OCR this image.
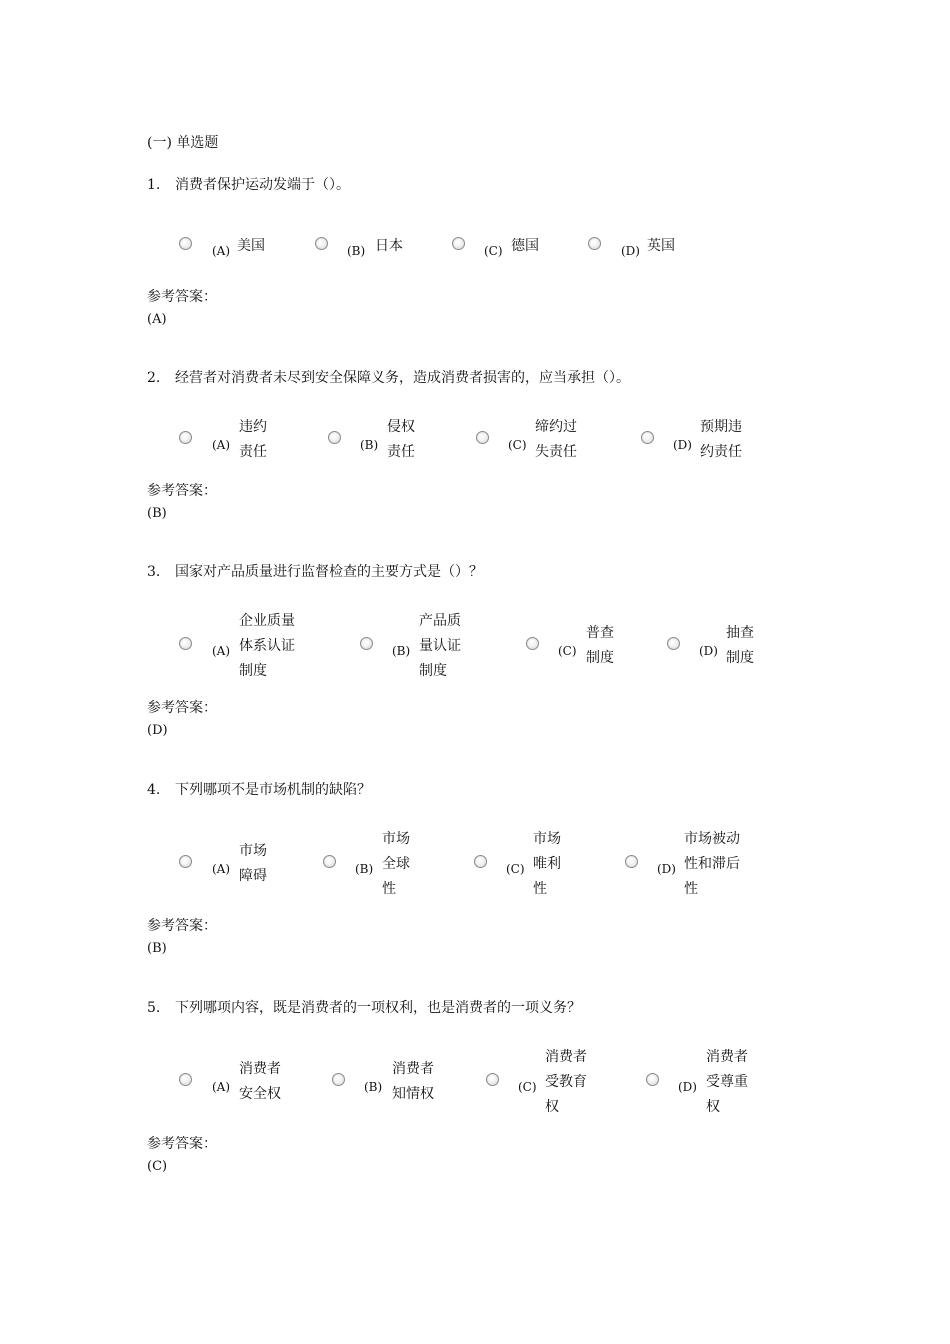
(一) 单选题
1. 消费者保护运动发端于（）。
(A) 美国	(B) 日本	(C) 德国	(D) 英国
参考答案：
(A)
2. 经营者对消费者未尽到安全保障义务，造成消费者损害的，应当承担（）。
(A)
违约
责任	(B)
侵权
责任	(C)
缔约过
失责任	(D)
预期违
约责任
参考答案：
(B)
3. 国家对产品质量进行监督检查的主要方式是（）？
(A)
企业质量
体系认证
制度
(B)
产品质
量认证
制度
(C)
普查
制度	(D)
抽查
制度
参考答案：
(D)
4. 下列哪项不是市场机制的缺陷？
(A)
市场
障碍	(B)
市场
全球
性
(C)
市场
唯利
性
(D)
市场被动
性和滞后
性
参考答案：
(B)
5. 下列哪项内容，既是消费者的一项权利，也是消费者的一项义务？
(A)
消费者
安全权	(B)
消费者
知情权	(C)
消费者
受教育
权
(D)
消费者
受尊重
权
参考答案：
(C)
